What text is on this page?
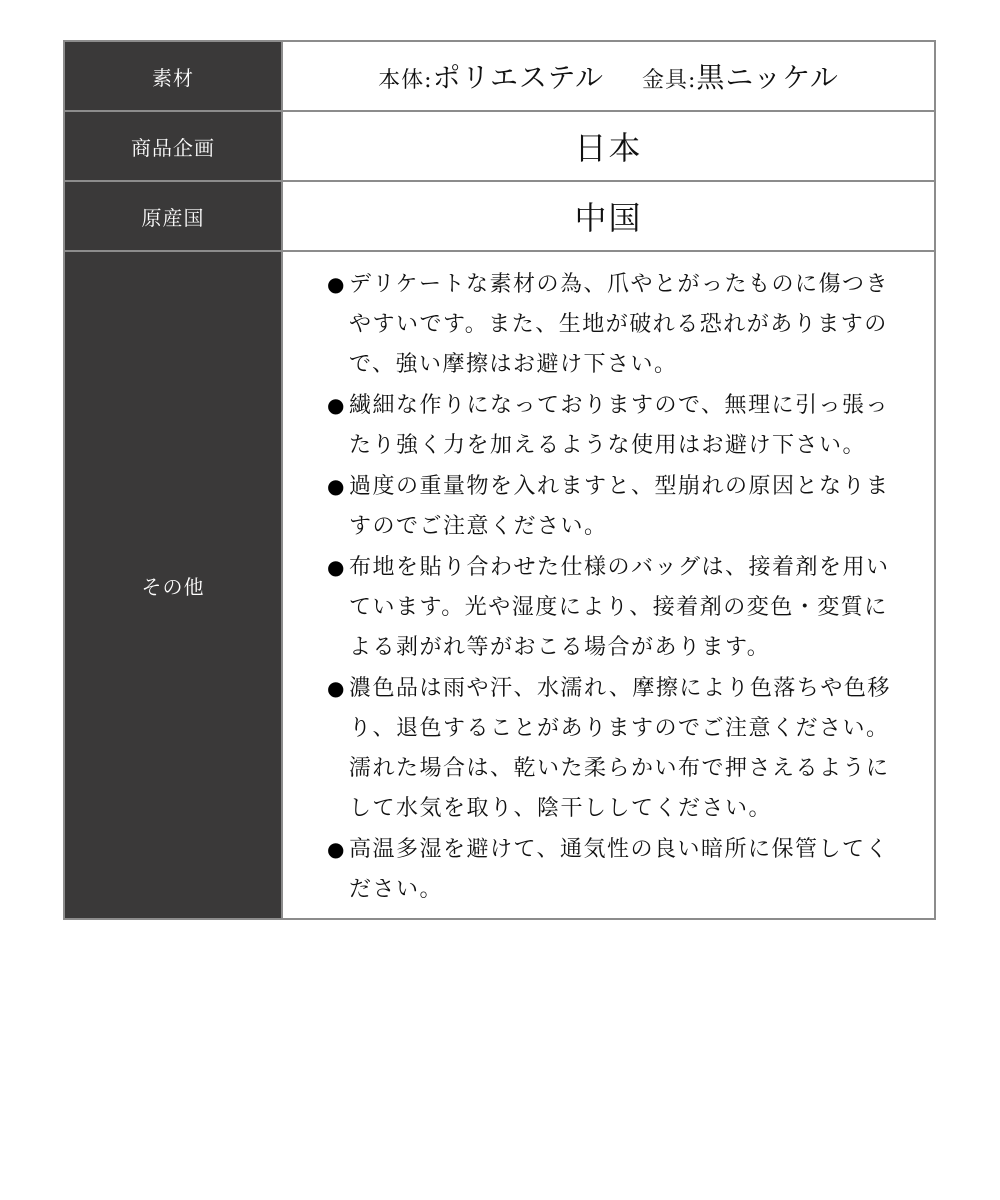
素材	本体:ポリエステル 金具:黒ニッケル
商品企画	日本
原産国	中国
その他	

● デリケートな素材の為、爪やとがったものに傷つきやすいです。また、生地が破れる恐れがありますので、強い摩擦はお避け下さい。

● 繊細な作りになっておりますので、無理に引っ張ったり強く力を加えるような使用はお避け下さい。

● 過度の重量物を入れますと、型崩れの原因となりますのでご注意ください。

● 布地を貼り合わせた仕様のバッグは、接着剤を用いています。光や湿度により、接着剤の変色・変質による剥がれ等がおこる場合があります。

● 濃色品は雨や汗、水濡れ、摩擦により色落ちや色移り、退色することがありますのでご注意ください。濡れた場合は、乾いた柔らかい布で押さえるようにして水気を取り、陰干ししてください。

● 高温多湿を避けて、通気性の良い暗所に保管してください。
